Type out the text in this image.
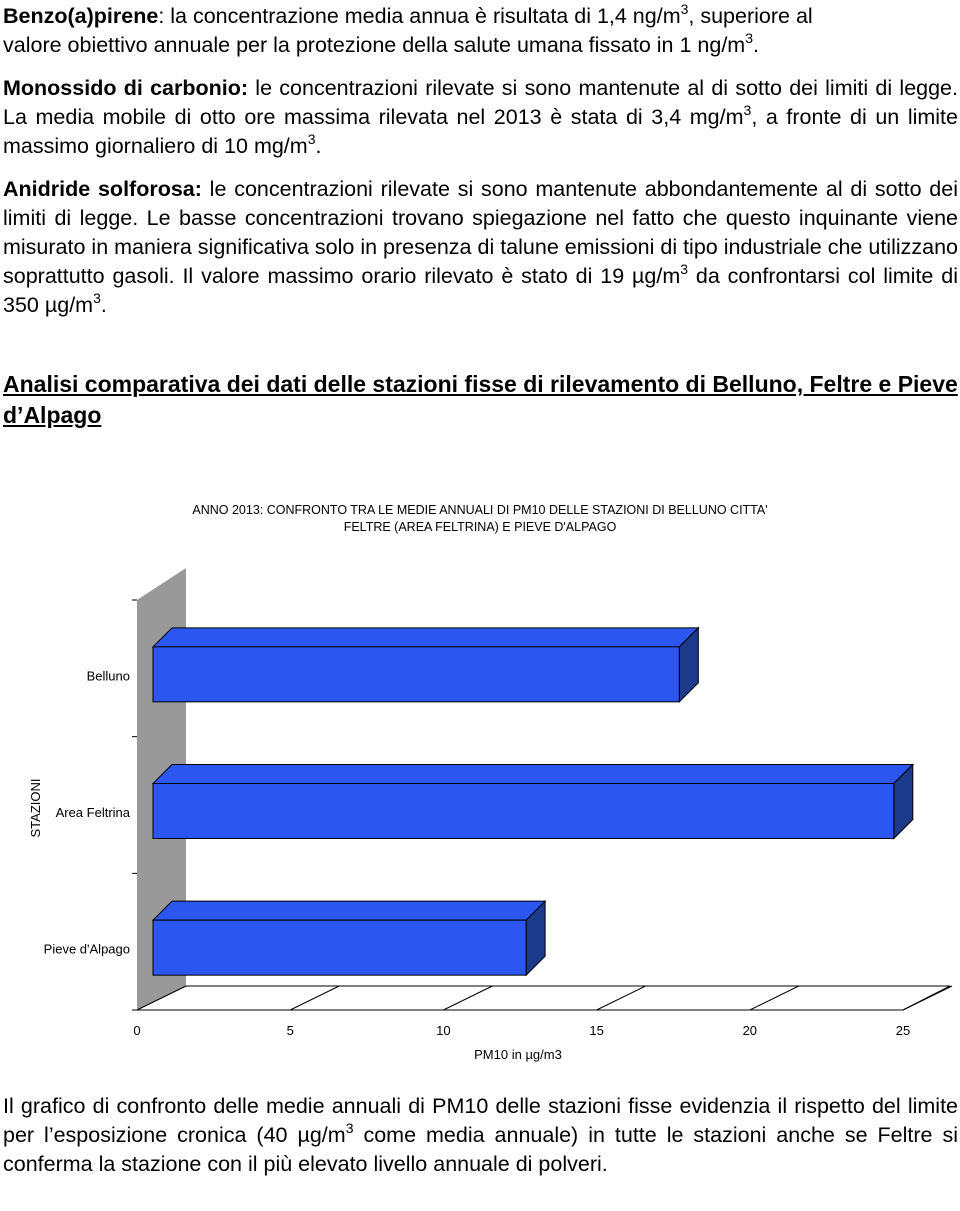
Benzo(a)pirene: la concentrazione media annua è risultata di 1,4 $ng/m^3$, superiore al
valore obiettivo annuale per la protezione della salute umana fissato in 1 $ng/m^3$.
Monossido di carbonio: le concentrazioni rilevate si sono mantenute al di sotto dei limiti di legge. La media mobile di otto ore massima rilevata nel 2013 è stata di 3,4 $mg/m^3$, a fronte di un limite massimo giornaliero di 10 $mg/m^3$.
Anidride solforosa: le concentrazioni rilevate si sono mantenute abbondantemente al di sotto dei limiti di legge. Le basse concentrazioni trovano spiegazione nel fatto che questo inquinante viene misurato in maniera significativa solo in presenza di talune emissioni di tipo industriale che utilizzano soprattutto gasoli. Il valore massimo orario rilevato è stato di 19 $\mu g/m^3$ da confrontarsi col limite di 350 $\mu g/m^3$.
Analisi comparativa dei dati delle stazioni fisse di rilevamento di Belluno, Feltre e Pieve d’Alpago
ANNO 2013: CONFRONTO TRA LE MEDIE ANNUALI DI PM10 DELLE STAZIONI DI BELLUNO CITTA'
FELTRE (AREA FELTRINA) E PIEVE D'ALPAGO
Belluno
Area Feltrina
Pieve d'Alpago
0	5	10	15	20	25
PM10 in µg/m3
STAZIONI
Il grafico di confronto delle medie annuali di PM10 delle stazioni fisse evidenzia il rispetto del limite per l’esposizione cronica (40 $\mu g/m^3$ come media annuale) in tutte le stazioni anche se Feltre si conferma la stazione con il più elevato livello annuale di polveri.
